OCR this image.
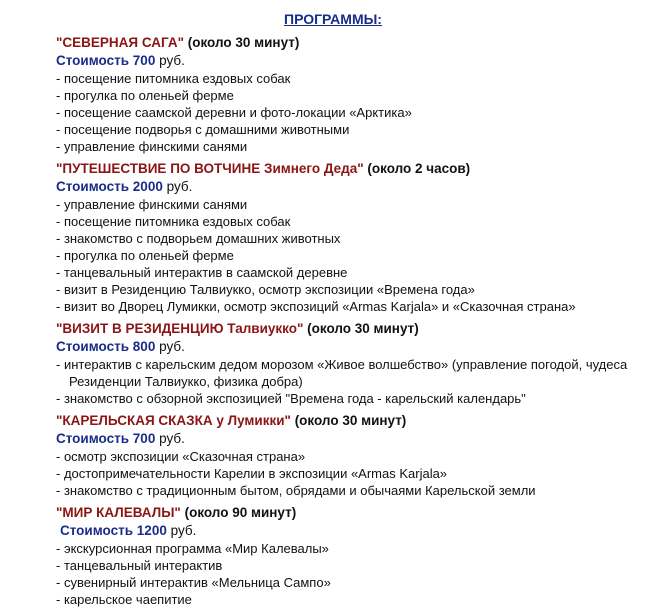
ПРОГРАММЫ:

"СЕВЕРНАЯ САГА" (около 30 минут)

Стоимость 700 руб.

- посещение питомника ездовых собак
- прогулка по оленьей ферме
- посещение саамской деревни и фото-локации «Арктика»
- посещение подворья с домашними животными
- управление финскими санями

"ПУТЕШЕСТВИЕ ПО ВОТЧИНЕ Зимнего Деда" (около 2 часов)

Стоимость 2000 руб.

- управление финскими санями
- посещение питомника ездовых собак
- знакомство с подворьем домашних животных
- прогулка по оленьей ферме
- танцевальный интерактив в саамской деревне
- визит в Резиденцию Талвиукко, осмотр экспозиции «Времена года»
- визит во Дворец Лумикки, осмотр экспозиций «Armas Karjala» и «Сказочная страна»

"ВИЗИТ В РЕЗИДЕНЦИЮ Талвиукко" (около 30 минут)

Стоимость 800 руб.

- интерактив с карельским дедом морозом «Живое волшебство» (управление погодой, чудеса Резиденции Талвиукко, физика добра)
- знакомство с обзорной экспозицией "Времена года - карельский календарь"

"КАРЕЛЬСКАЯ СКАЗКА у Лумикки" (около 30 минут)

Стоимость 700 руб.

- осмотр экспозиции «Сказочная страна»
- достопримечательности Карелии в экспозиции «Armas Karjala»
- знакомство с традиционным бытом, обрядами и обычаями Карельской земли

"МИР КАЛЕВАЛЫ" (около 90 минут)

Стоимость 1200 руб.

- экскурсионная программа «Мир Калевалы»
- танцевальный интерактив
- сувенирный интерактив «Мельница Сампо»
- карельское чаепитие
